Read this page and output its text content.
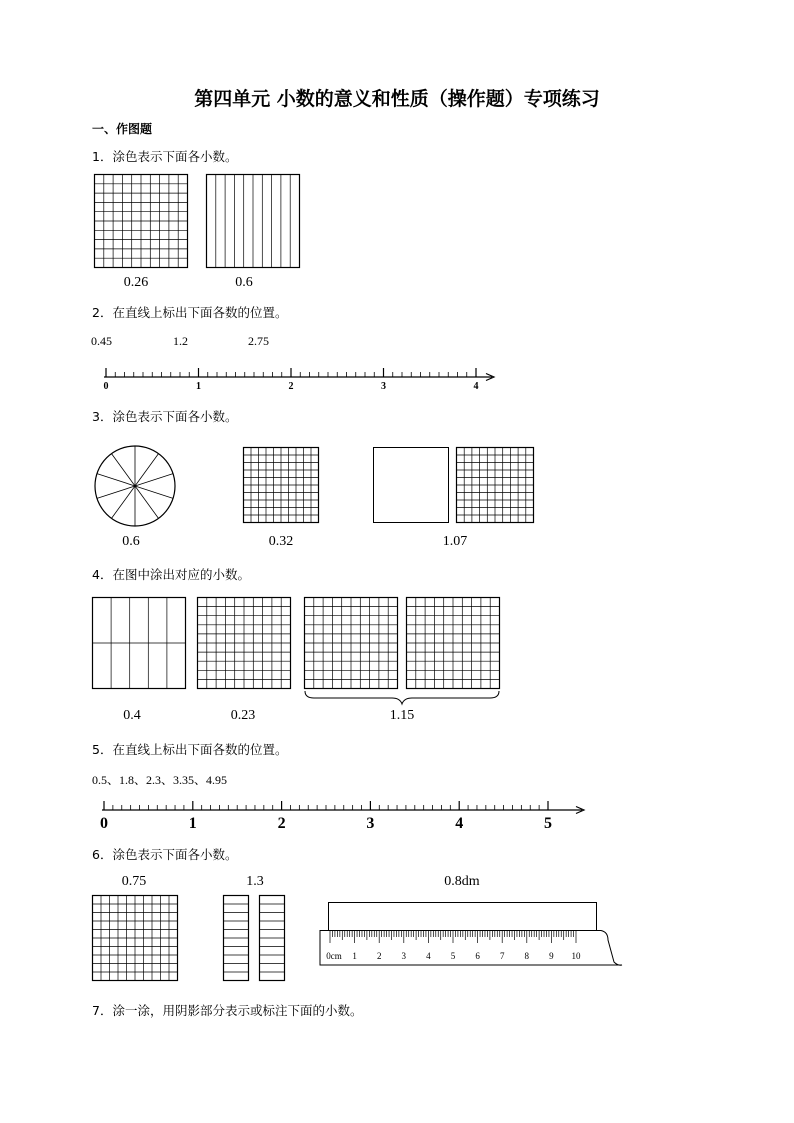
第四单元 小数的意义和性质（操作题）专项练习
一、作图题
1．涂色表示下面各小数。
0.26	0.6
2．在直线上标出下面各数的位置。
0.45	1.2	2.75
0	1	2	3	4
3．涂色表示下面各小数。
0.6	0.32	1.07
4．在图中涂出对应的小数。
0.4	0.23	1.15
5．在直线上标出下面各数的位置。
0.5、1.8、2.3、3.35、4.95
0	1	2	3	4	5
6．涂色表示下面各小数。
0.75	1.3	0.8dm
0cm 1 2 3 4 5 6 7 8 9 10
7．涂一涂，用阴影部分表示或标注下面的小数。
